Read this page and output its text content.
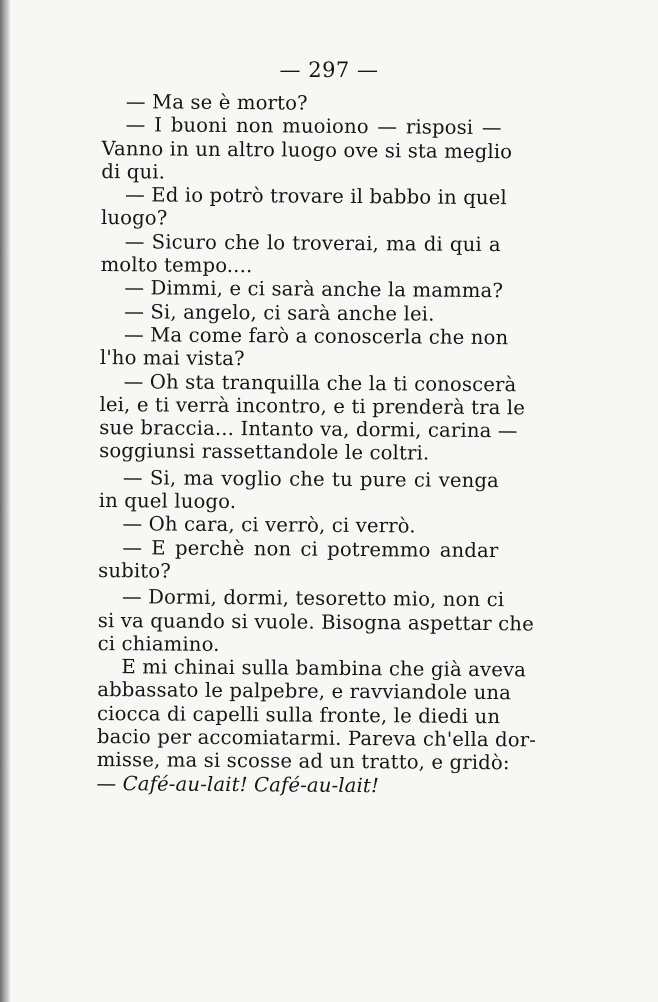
— 297 —
— Ma se è morto?
— I buoni non muoiono — risposi —
Vanno in un altro luogo ove si sta meglio
di qui.
— Ed io potrò trovare il babbo in quel
luogo?
— Sicuro che lo troverai, ma di qui a
molto tempo....
— Dimmi, e ci sarà anche la mamma?
— Si, angelo, ci sarà anche lei.
— Ma come farò a conoscerla che non
l'ho mai vista?
— Oh sta tranquilla che la ti conoscerà
lei, e ti verrà incontro, e ti prenderà tra le
sue braccia... Intanto va, dormi, carina —
soggiunsi rassettandole le coltri.
— Si, ma voglio che tu pure ci venga
in quel luogo.
— Oh cara, ci verrò, ci verrò.
— E perchè non ci potremmo andar
subito?
— Dormi, dormi, tesoretto mio, non ci
si va quando si vuole. Bisogna aspettar che
ci chiamino.
E mi chinai sulla bambina che già aveva
abbassato le palpebre, e ravviandole una
ciocca di capelli sulla fronte, le diedi un
bacio per accomiatarmi. Pareva ch'ella dor-
misse, ma si scosse ad un tratto, e gridò:
— Café-au-lait! Café-au-lait!
